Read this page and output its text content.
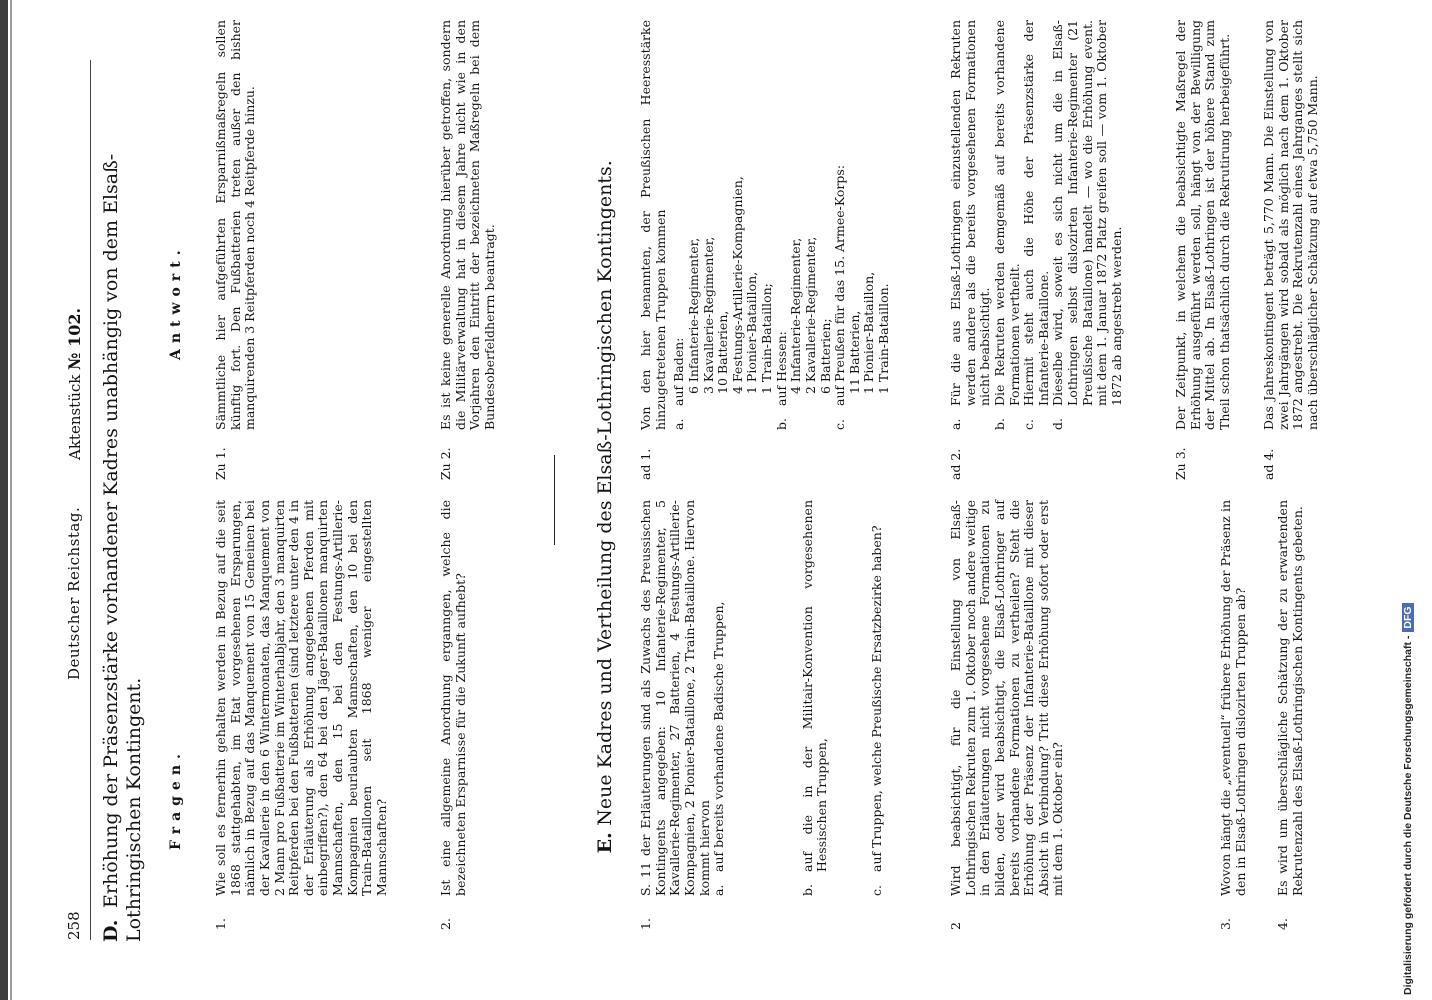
258
Deutscher Reichstag.
Aktenstück № 102.
D.Erhöhung der Präsenzstärke vorhandener Kadres unabhängig von dem Elsaß-Lothringischen Kontingent. Fragen.
Antwort.
1.
Wie soll es fernerhin gehalten werden in Bezug auf die seit 1868 stattgehabten, im Etat vorgesehenen Ersparungen, nämlich in Bezug auf das Manquement von 15 Gemeinen bei der Kavallerie in den 6 Wintermonaten, das Manquement von 2 Mann pro Fußbatterie im Winterhalbjahr, den 3 manquirten Reitpferden bei den Fußbatterien (sind letztere unter den 4 in der Erläuterung als Erhöhung angegebenen Pferden mit einbegriffen?), den 64 bei den Jäger-Bataillonen manquirten Mannschaften, den 15 bei den Festungs-Artillerie-Kompagnien beurlaubten Mannschaften, den 10 bei den Train-Bataillonen seit 1868 weniger eingestellten Mannschaften?
2.
Ist eine allgemeine Anordnung erganngen, welche die bezeichneten Ersparnisse für die Zukunft aufhebt?
Zu 1.
Sämmtliche hier aufgeführten Ersparnißmaßregeln sollen künftig fort. Den Fußbatterien treten außer den bisher manquirenden 3 Reitpferden noch 4 Reitpferde hinzu.
Zu 2.
Es ist keine generelle Anordnung hierüber getroffen, sondern die Militärverwaltung hat in diesem Jahre nicht wie in den Vorjahren den Eintritt der bezeichneten Maßregeln bei dem Bundesoberfeldherrn beantragt.
E.Neue Kadres und Vertheilung des Elsaß-Lothringischen Kontingents.
1.
S. 11 der Erläuterungen sind als Zuwachs des Preussischen Kontingents angegeben: 10 Infanterie-Regimenter, 5 Kavallerie-Regimenter, 27 Batterien, 4 Festungs-Artillerie-Kompagnien, 2 Pionier-Bataillone, 2 Train-Bataillone. Hiervon kommt hiervon a.
auf bereits vorhandene Badische Truppen,
b.
auf die in der Militair-Konvention vorgesehenen Hessischen Truppen,
c.
auf Truppen, welche Preußische Ersatzbezirke haben?
2
Wird beabsichtigt, für die Einstellung von Elsaß-Lothringischen Rekruten zum 1. Oktober noch andere weitige in den Erläuterungen nicht vorgesehene Formationen zu bilden, oder wird beabsichtigt, die Elsaß-Lothringer auf bereits vorhandene Formationen zu vertheilen? Steht die Erhöhung der Präsenz der Infanterie-Bataillone mit dieser Absicht in Verbindung? Tritt diese Erhöhung sofort oder erst mit dem 1. Oktober ein?
3.
Wovon hängt die „eventuell“ frühere Erhöhung der Präsenz in den in Elsaß-Lothringen dislozirten Truppen ab?
4.
Es wird um überschlägliche Schätzung der zu erwartenden Rekrutenzahl des Elsaß-Lothringischen Kontingents gebeten.
ad 1.
Von den hier benannten, der Preußischen Heeresstärke hinzugetretenen Truppen kommen a.
auf Baden: 6 Infanterie-Regimenter, 3 Kavallerie-Regimenter, 10 Batterien, 4 Festungs-Artillerie-Kompagnien, 1 Pionier-Bataillon, 1 Train-Bataillon;
b.
auf Hessen: 4 Infanterie-Regimenter, 2 Kavallerie-Regimenter, 6 Batterien;
c.
auf Preußen für das 15. Armee-Korps: 11 Batterien, 1 Pionier-Bataillon, 1 Train-Bataillon.
ad 2.
a.
Für die aus Elsaß-Lothringen einzustellenden Rekruten werden andere als die bereits vorgesehenen Formationen nicht beabsichtigt.
b.
Die Rekruten werden demgemäß auf bereits vorhandene Formationen vertheilt.
c.
Hiermit steht auch die Höhe der Präsenzstärke der Infanterie-Bataillone.
d.
Dieselbe wird, soweit es sich nicht um die in Elsaß-Lothringen selbst dislozirten Infanterie-Regimenter (21 Preußische Bataillone) handelt — wo die Erhöhung event. mit dem 1. Januar 1872 Platz greifen soll — vom 1. Oktober 1872 ab angestrebt werden.
Zu 3.
Der Zeitpunkt, in welchem die beabsichtigte Maßregel der Erhöhung ausgeführt werden soll, hängt von der Bewilligung der Mittel ab. In Elsaß-Lothringen ist der höhere Stand zum Theil schon thatsächlich durch die Rekrutirung herbeigeführt.
ad 4.
Das Jahreskontingent beträgt 5,770 Mann. Die Einstellung von zwei Jahrgängen wird sobald als möglich nach dem 1. Oktober 1872 angestrebt. Die Rekrutenzahl eines Jahrganges stellt sich nach überschläglicher Schätzung auf etwa 5,750 Mann.
Digitalisierung gefördert durch die Deutsche Forschungsgemeinschaft -DFG
